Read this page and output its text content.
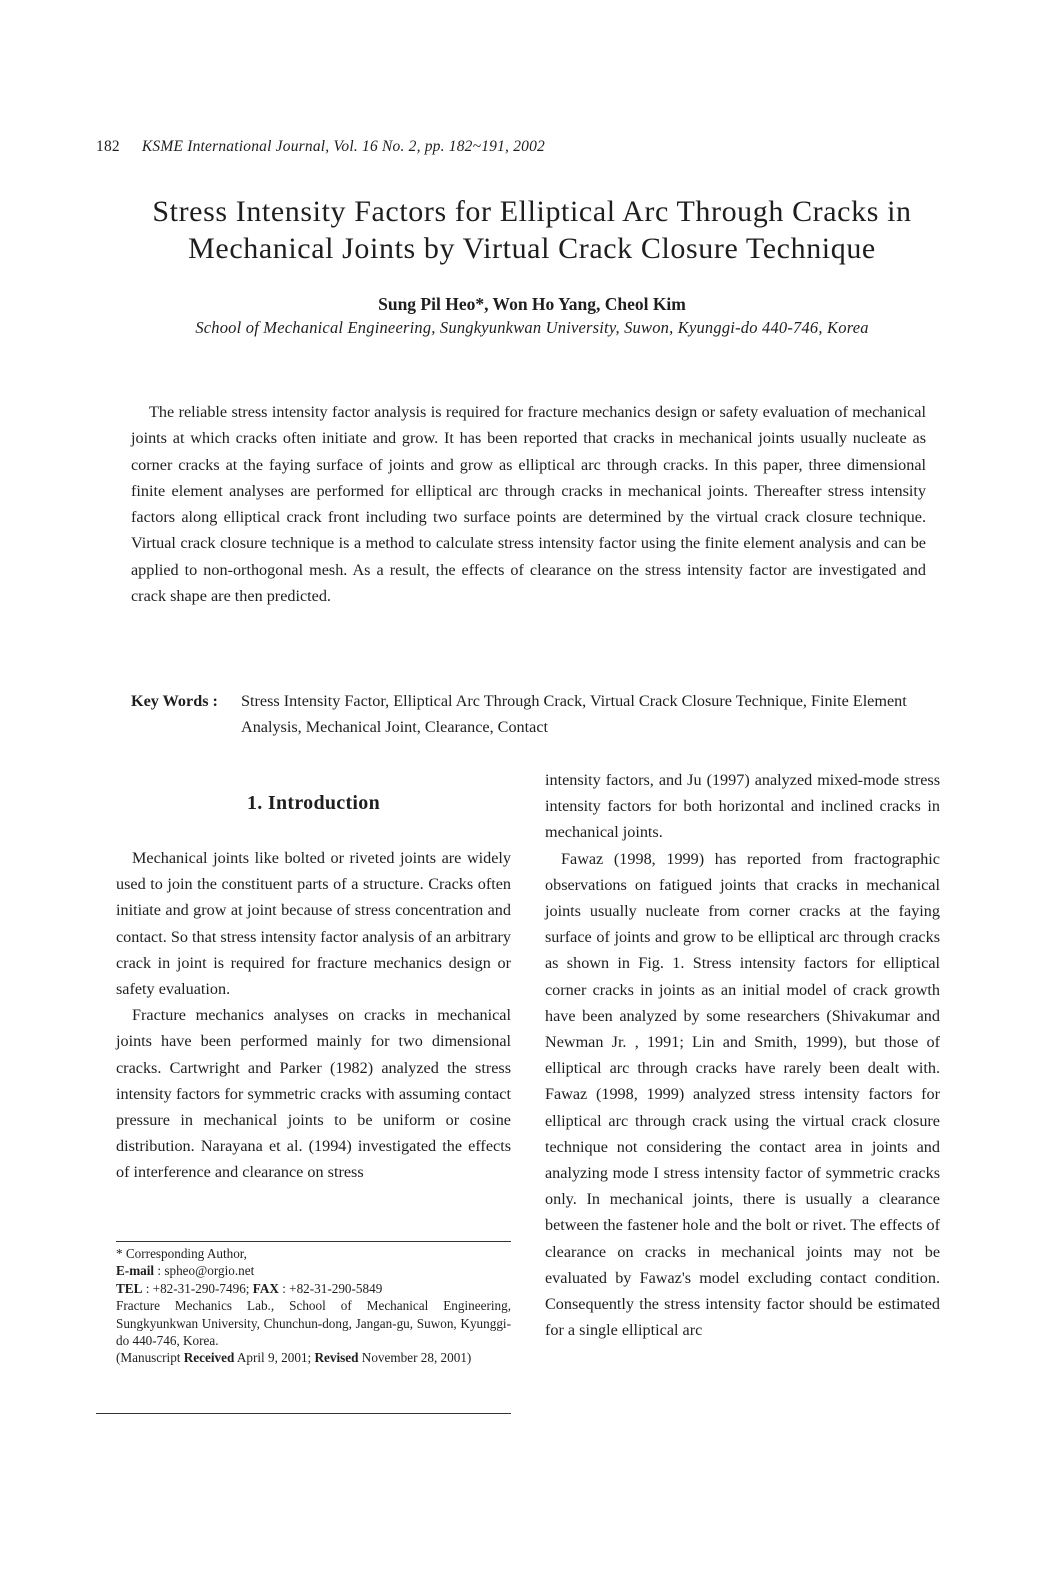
182 KSME International Journal, Vol. 16 No. 2, pp. 182~191, 2002
Stress Intensity Factors for Elliptical Arc Through Cracks in
Mechanical Joints by Virtual Crack Closure Technique
Sung Pil Heo*, Won Ho Yang, Cheol Kim
School of Mechanical Engineering, Sungkyunkwan University, Suwon, Kyunggi-do 440-746, Korea

The reliable stress intensity factor analysis is required for fracture mechanics design or safety evaluation of mechanical joints at which cracks often initiate and grow. It has been reported that cracks in mechanical joints usually nucleate as corner cracks at the faying surface of joints and grow as elliptical arc through cracks. In this paper, three dimensional finite element analyses are performed for elliptical arc through cracks in mechanical joints. Thereafter stress intensity factors along elliptical crack front including two surface points are determined by the virtual crack closure technique. Virtual crack closure technique is a method to calculate stress intensity factor using the finite element analysis and can be applied to non-orthogonal mesh. As a result, the effects of clearance on the stress intensity factor are investigated and crack shape are then predicted.

Key Words :	Stress Intensity Factor, Elliptical Arc Through Crack, Virtual Crack Closure Technique, Finite Element Analysis, Mechanical Joint, Clearance, Contact
1. Introduction

Mechanical joints like bolted or riveted joints are widely used to join the constituent parts of a structure. Cracks often initiate and grow at joint because of stress concentration and contact. So that stress intensity factor analysis of an arbitrary crack in joint is required for fracture mechanics design or safety evaluation.

Fracture mechanics analyses on cracks in mechanical joints have been performed mainly for two dimensional cracks. Cartwright and Parker (1982) analyzed the stress intensity factors for symmetric cracks with assuming contact pressure in mechanical joints to be uniform or cosine distribution. Narayana et al. (1994) investigated the effects of interference and clearance on stress

intensity factors, and Ju (1997) analyzed mixed-mode stress intensity factors for both horizontal and inclined cracks in mechanical joints.

Fawaz (1998, 1999) has reported from fractographic observations on fatigued joints that cracks in mechanical joints usually nucleate from corner cracks at the faying surface of joints and grow to be elliptical arc through cracks as shown in Fig. 1. Stress intensity factors for elliptical corner cracks in joints as an initial model of crack growth have been analyzed by some researchers (Shivakumar and Newman Jr. , 1991; Lin and Smith, 1999), but those of elliptical arc through cracks have rarely been dealt with. Fawaz (1998, 1999) analyzed stress intensity factors for elliptical arc through crack using the virtual crack closure technique not considering the contact area in joints and analyzing mode I stress intensity factor of symmetric cracks only. In mechanical joints, there is usually a clearance between the fastener hole and the bolt or rivet. The effects of clearance on cracks in mechanical joints may not be evaluated by Fawaz's model excluding contact condition. Consequently the stress intensity factor should be estimated for a single elliptical arc

* Corresponding Author,
E-mail : spheo@orgio.net
TEL : +82-31-290-7496; FAX : +82-31-290-5849
Fracture Mechanics Lab., School of Mechanical Engineering, Sungkyunkwan University, Chunchun-dong, Jangan-gu, Suwon, Kyunggi-do 440-746, Korea.
(Manuscript Received April 9, 2001; Revised November 28, 2001)
